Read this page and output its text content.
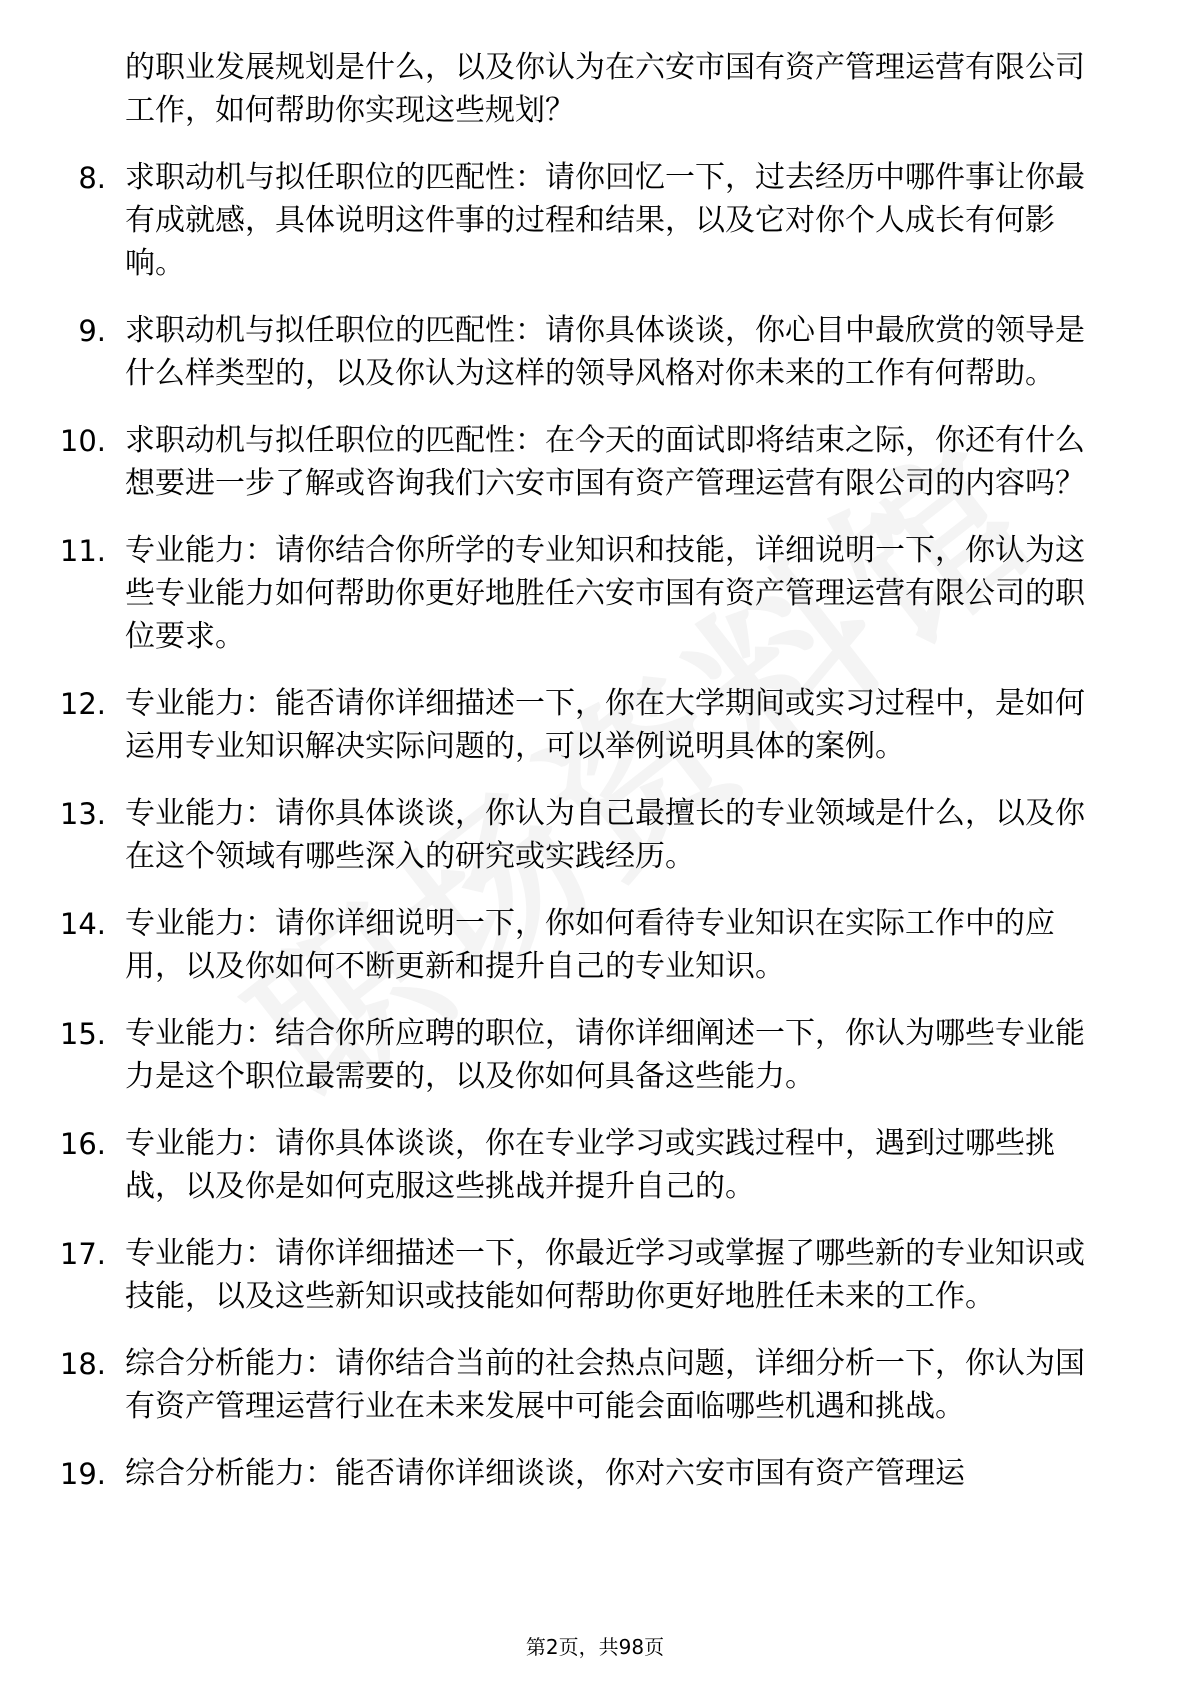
的职业发展规划是什么，以及你认为在六安市国有资产管理运营有限公司工作，如何帮助你实现这些规划？
8. 求职动机与拟任职位的匹配性：请你回忆一下，过去经历中哪件事让你最有成就感，具体说明这件事的过程和结果，以及它对你个人成长有何影响。
9. 求职动机与拟任职位的匹配性：请你具体谈谈，你心目中最欣赏的领导是什么样类型的，以及你认为这样的领导风格对你未来的工作有何帮助。
10. 求职动机与拟任职位的匹配性：在今天的面试即将结束之际，你还有什么想要进一步了解或咨询我们六安市国有资产管理运营有限公司的内容吗？
11. 专业能力：请你结合你所学的专业知识和技能，详细说明一下，你认为这些专业能力如何帮助你更好地胜任六安市国有资产管理运营有限公司的职位要求。
12. 专业能力：能否请你详细描述一下，你在大学期间或实习过程中，是如何运用专业知识解决实际问题的，可以举例说明具体的案例。
13. 专业能力：请你具体谈谈，你认为自己最擅长的专业领域是什么，以及你在这个领域有哪些深入的研究或实践经历。
14. 专业能力：请你详细说明一下，你如何看待专业知识在实际工作中的应用，以及你如何不断更新和提升自己的专业知识。
15. 专业能力：结合你所应聘的职位，请你详细阐述一下，你认为哪些专业能力是这个职位最需要的，以及你如何具备这些能力。
16. 专业能力：请你具体谈谈，你在专业学习或实践过程中，遇到过哪些挑战，以及你是如何克服这些挑战并提升自己的。
17. 专业能力：请你详细描述一下，你最近学习或掌握了哪些新的专业知识或技能，以及这些新知识或技能如何帮助你更好地胜任未来的工作。
18. 综合分析能力：请你结合当前的社会热点问题，详细分析一下，你认为国有资产管理运营行业在未来发展中可能会面临哪些机遇和挑战。
19. 综合分析能力：能否请你详细谈谈，你对六安市国有资产管理运
第2页，共98页
